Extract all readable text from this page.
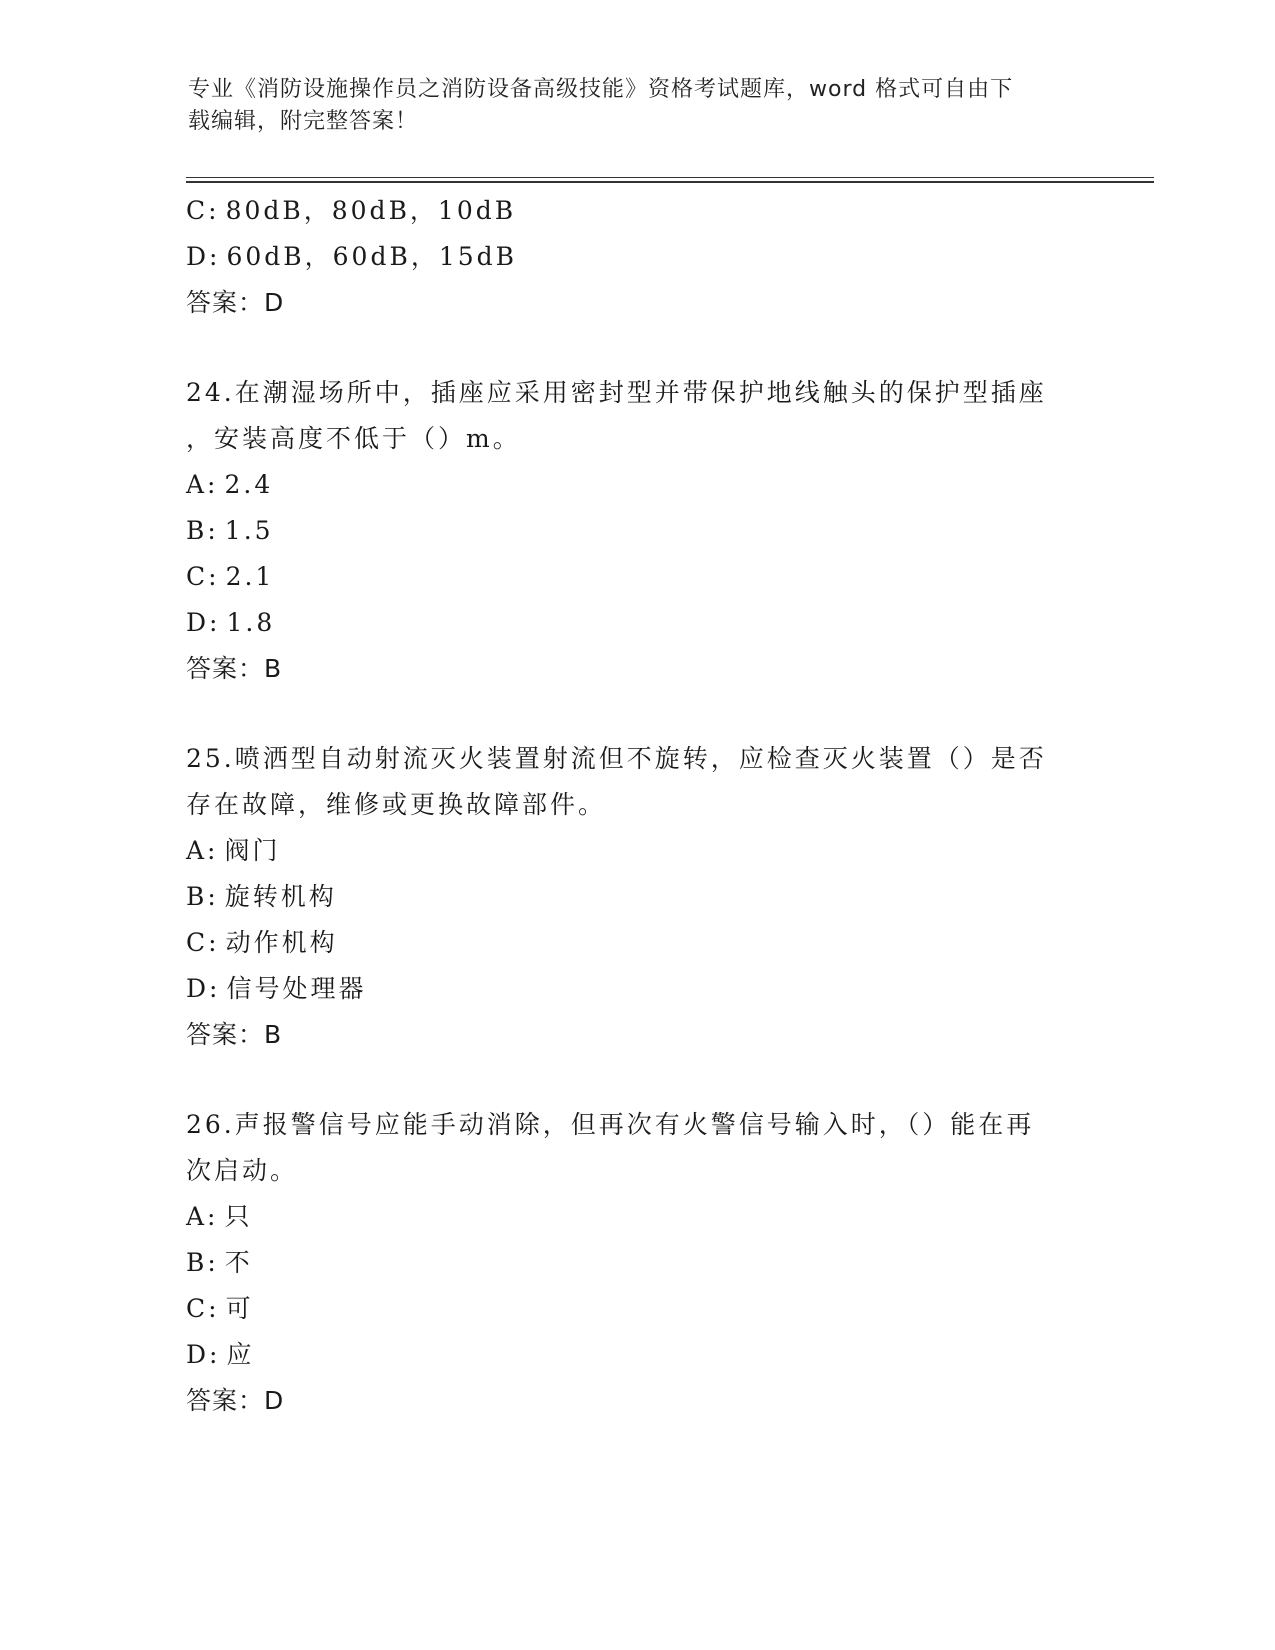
专业《消防设施操作员之消防设备高级技能》资格考试题库，word 格式可自由下
载编辑，附完整答案！
C: 80dB，80dB，10dB
D: 60dB，60dB，15dB
答案：D
24.在潮湿场所中，插座应采用密封型并带保护地线触头的保护型插座
，安装高度不低于（）m。
A: 2.4
B: 1.5
C: 2.1
D: 1.8
答案：B
25.喷洒型自动射流灭火装置射流但不旋转，应检查灭火装置（）是否
存在故障，维修或更换故障部件。
A: 阀门
B: 旋转机构
C: 动作机构
D: 信号处理器
答案：B
26.声报警信号应能手动消除，但再次有火警信号输入时，（）能在再
次启动。
A: 只
B: 不
C: 可
D: 应
答案：D
